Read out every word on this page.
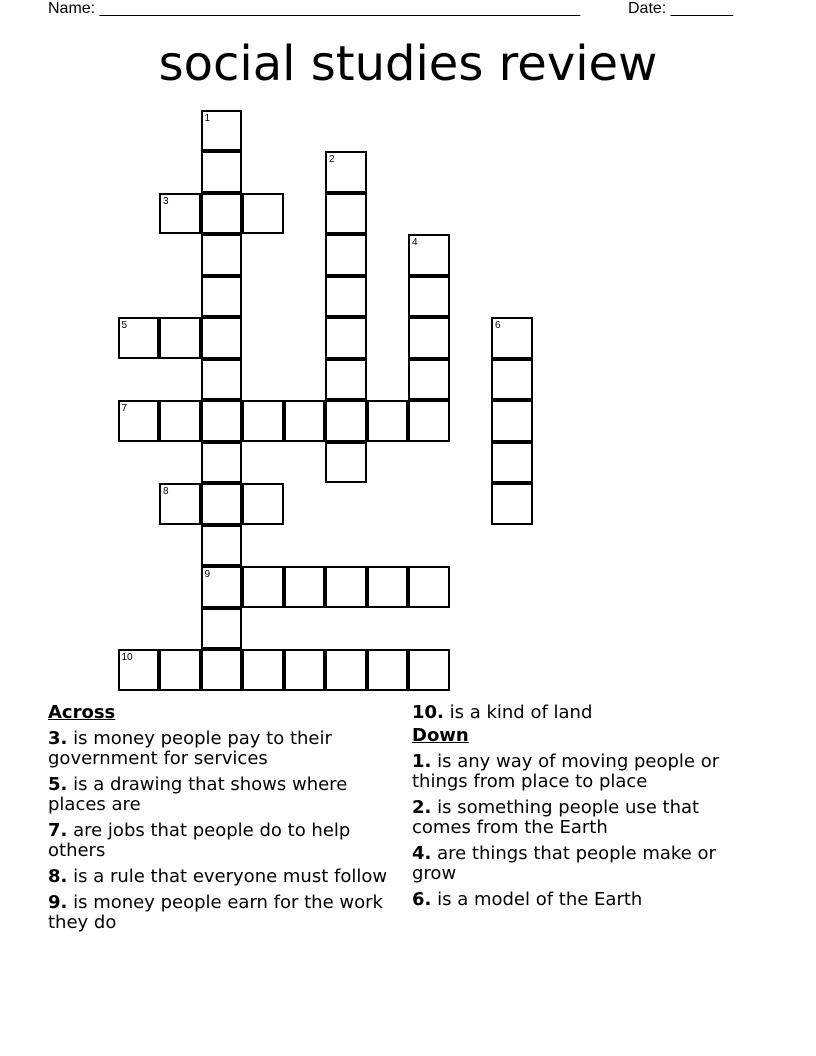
Name: ______________________________________________________	Date: _______
social studies review
1
2
3
4
5	6
7
8
9
10
Across
3. is money people pay to their government for services
5. is a drawing that shows where places are
7. are jobs that people do to help others
8. is a rule that everyone must follow
9. is money people earn for the work they do
10. is a kind of land
Down
1. is any way of moving people or things from place to place
2. is something people use that comes from the Earth
4. are things that people make or grow
6. is a model of the Earth
